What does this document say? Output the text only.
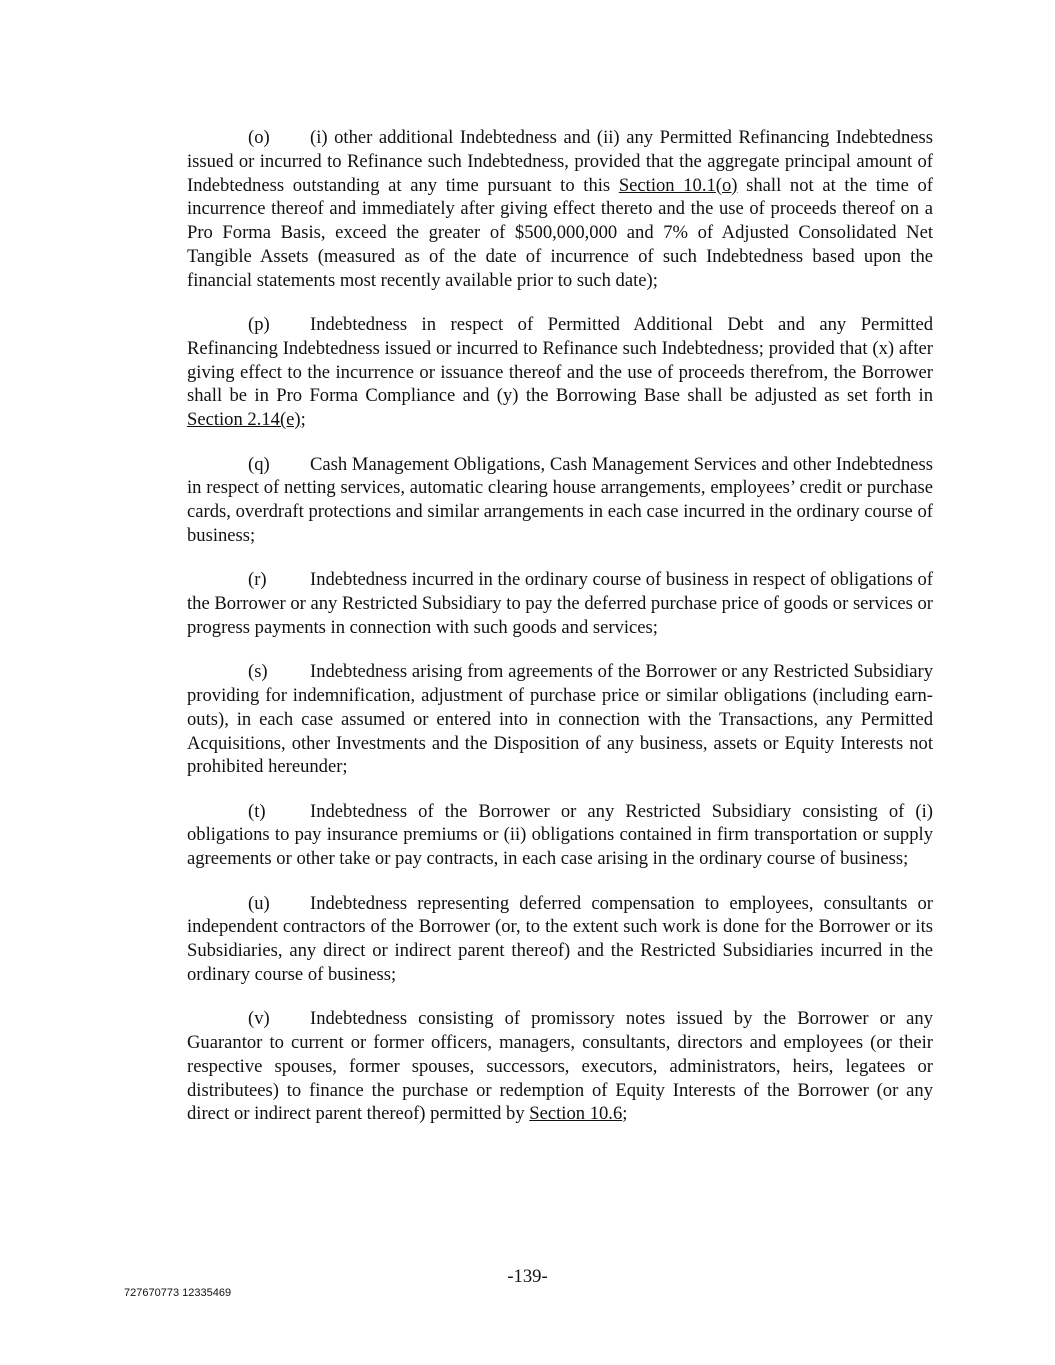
(o) (i) other additional Indebtedness and (ii) any Permitted Refinancing Indebtedness issued or incurred to Refinance such Indebtedness, provided that the aggregate principal amount of Indebtedness outstanding at any time pursuant to this Section 10.1(o) shall not at the time of incurrence thereof and immediately after giving effect thereto and the use of proceeds thereof on a Pro Forma Basis, exceed the greater of $500,000,000 and 7% of Adjusted Consolidated Net Tangible Assets (measured as of the date of incurrence of such Indebtedness based upon the financial statements most recently available prior to such date);

(p) Indebtedness in respect of Permitted Additional Debt and any Permitted Refinancing Indebtedness issued or incurred to Refinance such Indebtedness; provided that (x) after giving effect to the incurrence or issuance thereof and the use of proceeds therefrom, the Borrower shall be in Pro Forma Compliance and (y) the Borrowing Base shall be adjusted as set forth in Section 2.14(e);

(q) Cash Management Obligations, Cash Management Services and other Indebtedness in respect of netting services, automatic clearing house arrangements, employees’ credit or purchase cards, overdraft protections and similar arrangements in each case incurred in the ordinary course of business;

(r) Indebtedness incurred in the ordinary course of business in respect of obligations of the Borrower or any Restricted Subsidiary to pay the deferred purchase price of goods or services or progress payments in connection with such goods and services;

(s) Indebtedness arising from agreements of the Borrower or any Restricted Subsidiary providing for indemnification, adjustment of purchase price or similar obligations (including earn-outs), in each case assumed or entered into in connection with the Transactions, any Permitted Acquisitions, other Investments and the Disposition of any business, assets or Equity Interests not prohibited hereunder;

(t) Indebtedness of the Borrower or any Restricted Subsidiary consisting of (i) obligations to pay insurance premiums or (ii) obligations contained in firm transportation or supply agreements or other take or pay contracts, in each case arising in the ordinary course of business;

(u) Indebtedness representing deferred compensation to employees, consultants or independent contractors of the Borrower (or, to the extent such work is done for the Borrower or its Subsidiaries, any direct or indirect parent thereof) and the Restricted Subsidiaries incurred in the ordinary course of business;

(v) Indebtedness consisting of promissory notes issued by the Borrower or any Guarantor to current or former officers, managers, consultants, directors and employees (or their respective spouses, former spouses, successors, executors, administrators, heirs, legatees or distributees) to finance the purchase or redemption of Equity Interests of the Borrower (or any direct or indirect parent thereof) permitted by Section 10.6;

-139-
727670773 12335469
